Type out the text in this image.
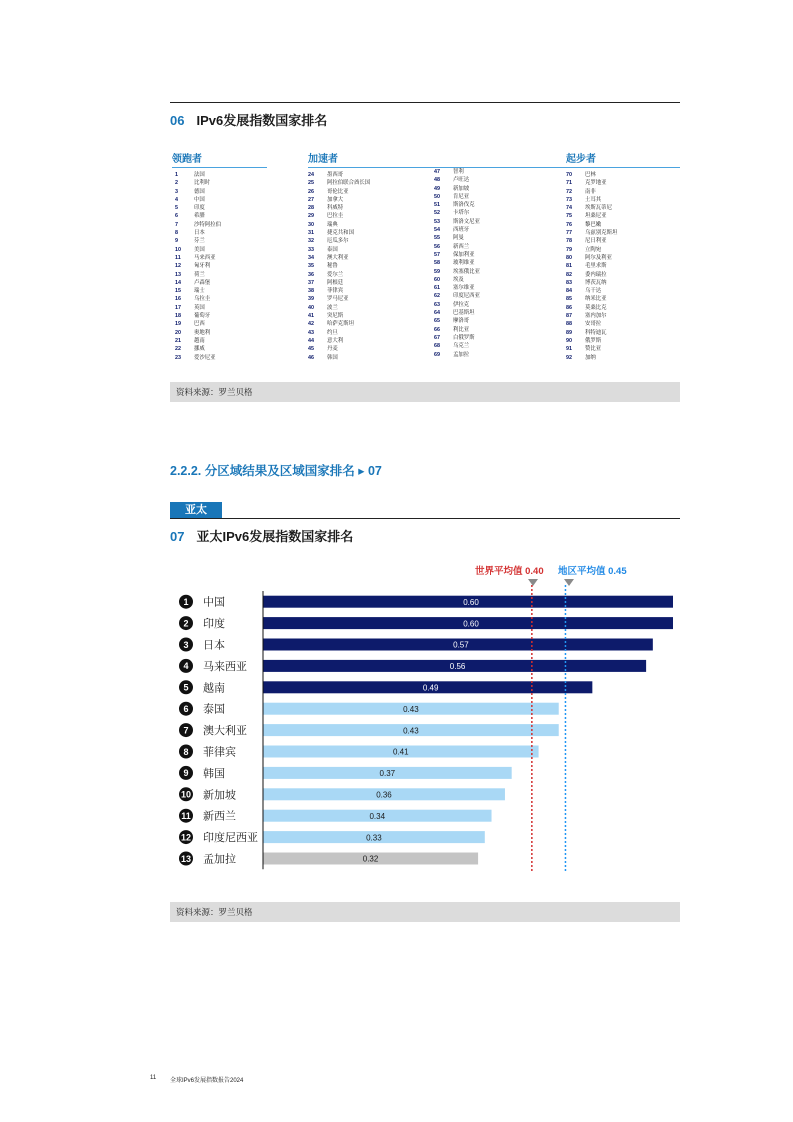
06 IPv6发展指数国家排名
领跑者
1	法国
2	比利时
3	德国
4	中国
5	印度
6	希腊
7	沙特阿拉伯
8	日本
9	芬兰
10 美国
11 马来西亚
12 匈牙利
13 荷兰
14 卢森堡
15 瑞士
16 乌拉圭
17 英国
18 葡萄牙
19 巴西
20 奥地利
21 越南
22 挪威
23 爱沙尼亚
加速者
24 墨西哥
25 阿拉伯联合酋长国
26 哥伦比亚
27 加拿大
28 科威特
29 巴拉圭
30 瑞典
31 捷克共和国
32 厄瓜多尔
33 泰国
34 澳大利亚
35 秘鲁
36 爱尔兰
37 阿根廷
38 菲律宾
39 罗马尼亚
40 波兰
41 突尼斯
42 哈萨克斯坦
43 约旦
44 意大利
45 丹麦
46 韩国
47 智利
48 卢旺达
49 新加坡
50 肯尼亚
51 斯洛伐克
52 卡塔尔
53 斯洛文尼亚
54 西班牙
55 阿曼
56 新西兰
57 保加利亚
58 玻利维亚
59 埃塞俄比亚
60 埃及
61 塞尔维亚
62 印度尼西亚
63 伊拉克
64 巴基斯坦
65 摩洛哥
66 利比亚
67 白俄罗斯
68 乌克兰
69 孟加拉
起步者
70 巴林
71 克罗地亚
72 南非
73 土耳其
74 埃斯瓦蒂尼
75 坦桑尼亚
76 黎巴嫩
77 乌兹别克斯坦
78 尼日利亚
79 立陶宛
80 阿尔及利亚
81 毛里求斯
82 委内瑞拉
83 博茨瓦纳
84 乌干达
85 纳米比亚
86 莫桑比克
87 塞内加尔
88 安哥拉
89 科特迪瓦
90 俄罗斯
91 赞比亚
92 加纳
资料来源：罗兰贝格
2.2.2. 分区域结果及区域国家排名 ▸ 07
亚太
07 亚太IPv6发展指数国家排名
世界平均值 0.40 地区平均值 0.45
1 中国	0.60
2 印度	0.60
3 日本	0.57
4 马来西亚	0.56
5 越南	0.49
6 泰国	0.43
7 澳大利亚	0.43
8 菲律宾	0.41
9 韩国	0.37
10 新加坡	0.36
11 新西兰	0.34
12 印度尼西亚	0.33
13 孟加拉	0.32
资料来源：罗兰贝格
11 全球IPv6发展指数报告2024
